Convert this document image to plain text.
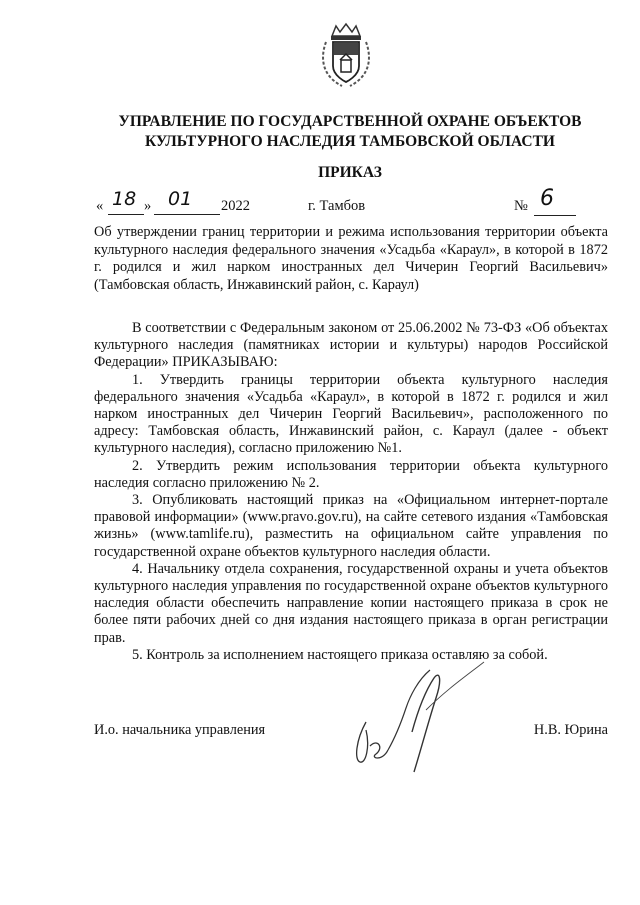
УПРАВЛЕНИЕ ПО ГОСУДАРСТВЕННОЙ ОХРАНЕ ОБЪЕКТОВ
КУЛЬТУРНОГО НАСЛЕДИЯ ТАМБОВСКОЙ ОБЛАСТИ
ПРИКАЗ
« 18 » 01 2022	г. Тамбов	№ 6
Об утверждении границ территории и режима использования территории объекта культурного наследия федерального значения «Усадьба «Караул», в которой в 1872 г. родился и жил нарком иностранных дел Чичерин Георгий Васильевич» (Тамбовская область, Инжавинский район, с. Караул)

В соответствии с Федеральным законом от 25.06.2002 № 73-ФЗ «Об объектах культурного наследия (памятниках истории и культуры) народов Российской Федерации» ПРИКАЗЫВАЮ:

1. Утвердить границы территории объекта культурного наследия федерального значения «Усадьба «Караул», в которой в 1872 г. родился и жил нарком иностранных дел Чичерин Георгий Васильевич», расположенного по адресу: Тамбовская область, Инжавинский район, с. Караул (далее - объект культурного наследия), согласно приложению №1.

2. Утвердить режим использования территории объекта культурного наследия согласно приложению № 2.

3. Опубликовать настоящий приказ на «Официальном интернет-портале правовой информации» (www.pravo.gov.ru), на сайте сетевого издания «Тамбовская жизнь» (www.tamlife.ru), разместить на официальном сайте управления по государственной охране объектов культурного наследия области.

4. Начальнику отдела сохранения, государственной охраны и учета объектов культурного наследия управления по государственной охране объектов культурного наследия области обеспечить направление копии настоящего приказа в срок не более пяти рабочих дней со дня издания настоящего приказа в орган регистрации прав.

5. Контроль за исполнением настоящего приказа оставляю за собой.

И.о. начальника управления	Н.В. Юрина
